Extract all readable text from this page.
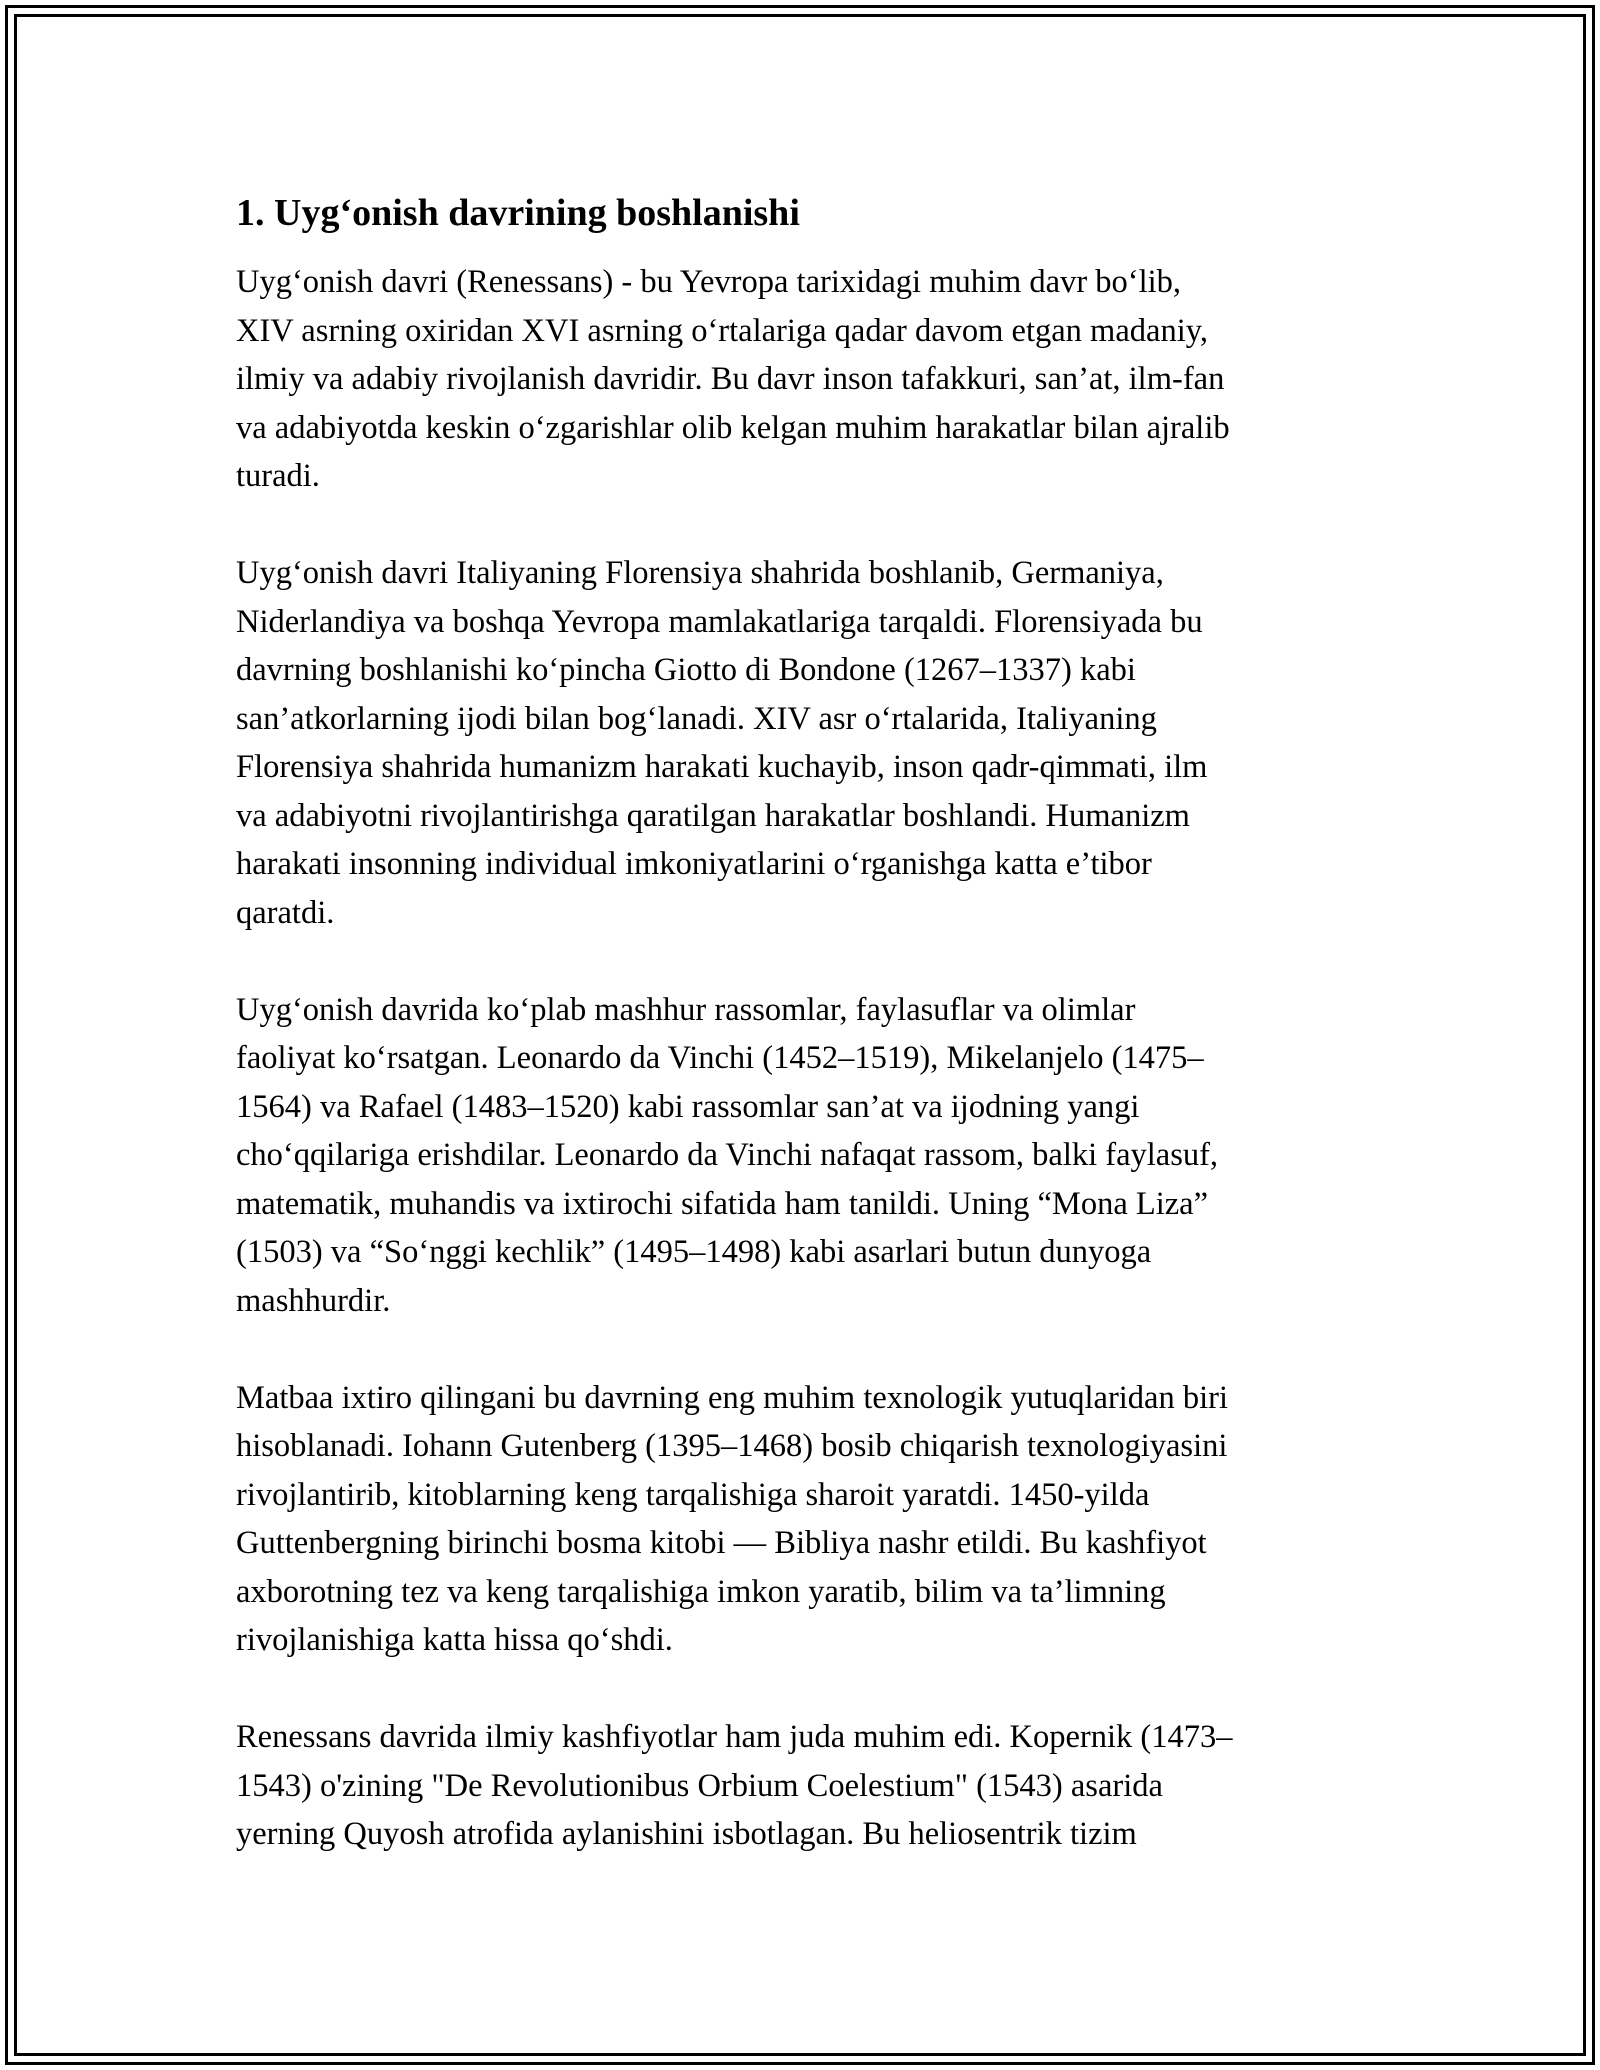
1. Uyg‘onish davrining boshlanishi

Uyg‘onish davri (Renessans) - bu Yevropa tarixidagi muhim davr bo‘lib,
XIV asrning oxiridan XVI asrning o‘rtalariga qadar davom etgan madaniy,
ilmiy va adabiy rivojlanish davridir. Bu davr inson tafakkuri, san’at, ilm-fan
va adabiyotda keskin o‘zgarishlar olib kelgan muhim harakatlar bilan ajralib
turadi.

Uyg‘onish davri Italiyaning Florensiya shahrida boshlanib, Germaniya,
Niderlandiya va boshqa Yevropa mamlakatlariga tarqaldi. Florensiyada bu
davrning boshlanishi ko‘pincha Giotto di Bondone (1267–1337) kabi
san’atkorlarning ijodi bilan bog‘lanadi. XIV asr o‘rtalarida, Italiyaning
Florensiya shahrida humanizm harakati kuchayib, inson qadr-qimmati, ilm
va adabiyotni rivojlantirishga qaratilgan harakatlar boshlandi. Humanizm
harakati insonning individual imkoniyatlarini o‘rganishga katta e’tibor
qaratdi.

Uyg‘onish davrida ko‘plab mashhur rassomlar, faylasuflar va olimlar
faoliyat ko‘rsatgan. Leonardo da Vinchi (1452–1519), Mikelanjelo (1475–
1564) va Rafael (1483–1520) kabi rassomlar san’at va ijodning yangi
cho‘qqilariga erishdilar. Leonardo da Vinchi nafaqat rassom, balki faylasuf,
matematik, muhandis va ixtirochi sifatida ham tanildi. Uning “Mona Liza”
(1503) va “So‘nggi kechlik” (1495–1498) kabi asarlari butun dunyoga
mashhurdir.

Matbaa ixtiro qilingani bu davrning eng muhim texnologik yutuqlaridan biri
hisoblanadi. Iohann Gutenberg (1395–1468) bosib chiqarish texnologiyasini
rivojlantirib, kitoblarning keng tarqalishiga sharoit yaratdi. 1450-yilda
Guttenbergning birinchi bosma kitobi — Bibliya nashr etildi. Bu kashfiyot
axborotning tez va keng tarqalishiga imkon yaratib, bilim va ta’limning
rivojlanishiga katta hissa qo‘shdi.

Renessans davrida ilmiy kashfiyotlar ham juda muhim edi. Kopernik (1473–
1543) o'zining "De Revolutionibus Orbium Coelestium" (1543) asarida
yerning Quyosh atrofida aylanishini isbotlagan. Bu heliosentrik tizim
